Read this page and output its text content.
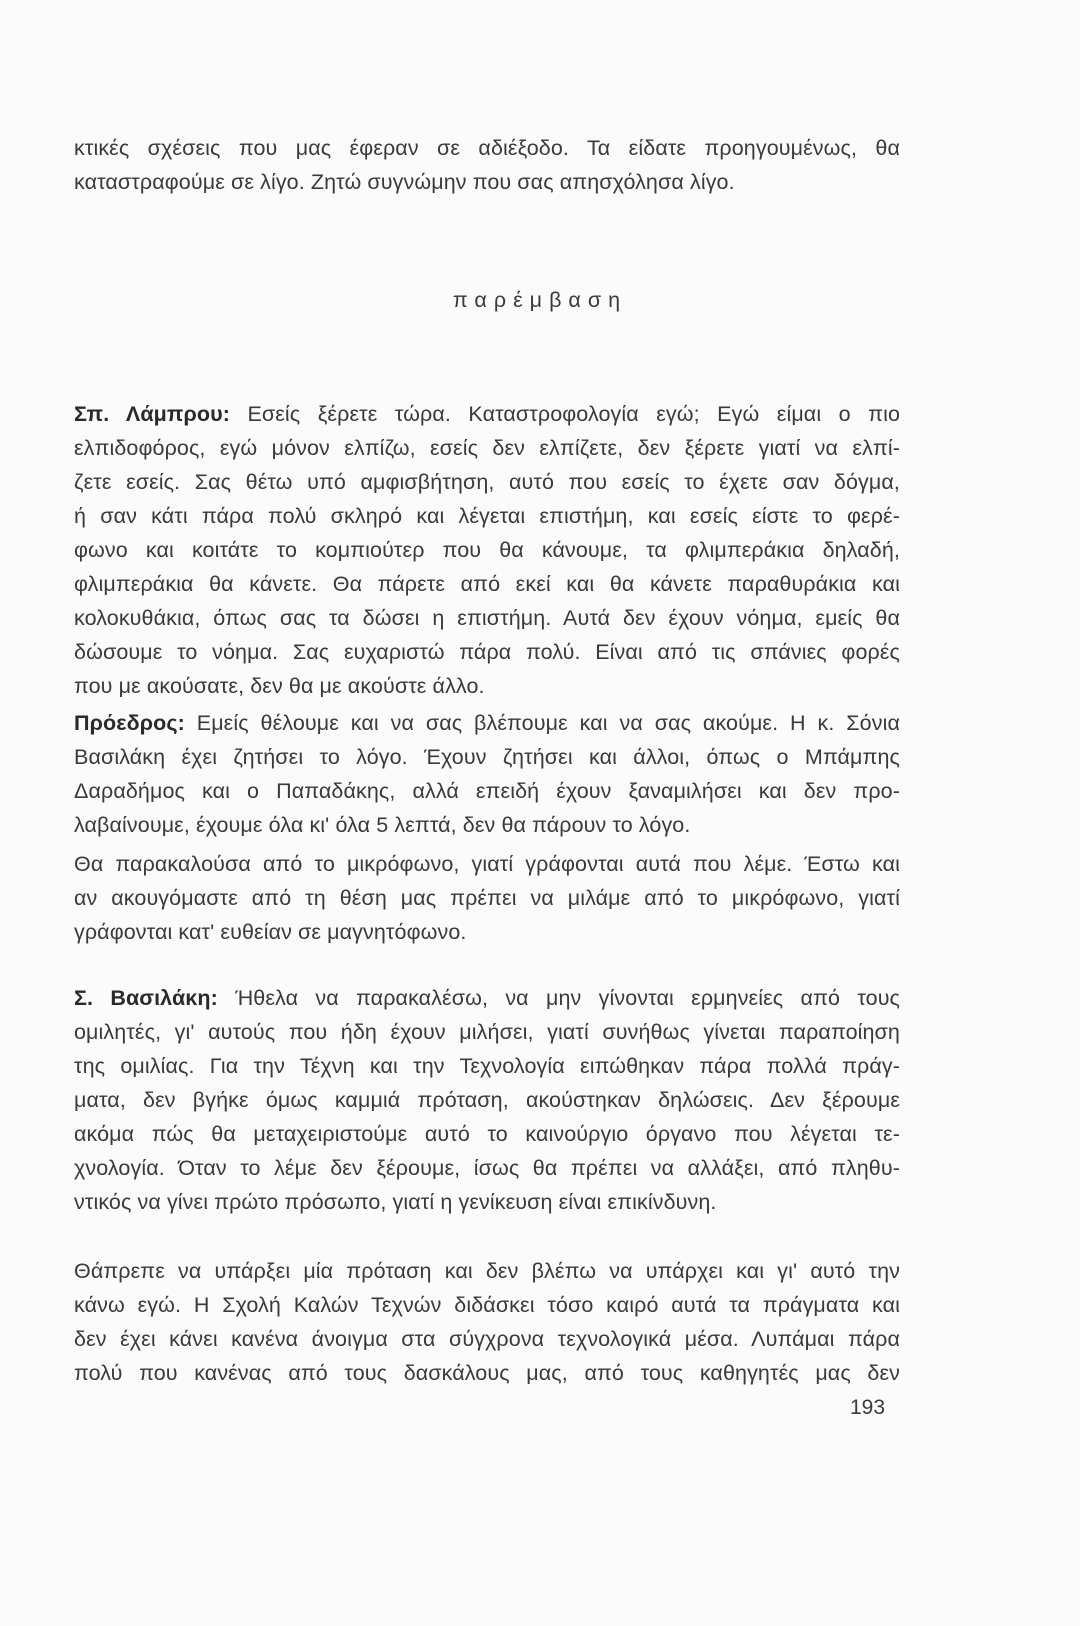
κτικές σχέσεις που μας έφεραν σε αδιέξοδο. Τα είδατε προηγουμένως, θα
καταστραφούμε σε λίγο. Ζητώ συγνώμην που σας απησχόλησα λίγο.
παρέμβαση
Σπ. Λάμπρου: Εσείς ξέρετε τώρα. Καταστροφολογία εγώ; Εγώ είμαι ο πιο
ελπιδοφόρος, εγώ μόνον ελπίζω, εσείς δεν ελπίζετε, δεν ξέρετε γιατί να ελπί-
ζετε εσείς. Σας θέτω υπό αμφισβήτηση, αυτό που εσείς το έχετε σαν δόγμα,
ή σαν κάτι πάρα πολύ σκληρό και λέγεται επιστήμη, και εσείς είστε το φερέ-
φωνο και κοιτάτε το κομπιούτερ που θα κάνουμε, τα φλιμπεράκια δηλαδή,
φλιμπεράκια θα κάνετε. Θα πάρετε από εκεί και θα κάνετε παραθυράκια και
κολοκυθάκια, όπως σας τα δώσει η επιστήμη. Αυτά δεν έχουν νόημα, εμείς θα
δώσουμε το νόημα. Σας ευχαριστώ πάρα πολύ. Είναι από τις σπάνιες φορές
που με ακούσατε, δεν θα με ακούστε άλλο.
Πρόεδρος: Εμείς θέλουμε και να σας βλέπουμε και να σας ακούμε. Η κ. Σόνια
Βασιλάκη έχει ζητήσει το λόγο. Έχουν ζητήσει και άλλοι, όπως ο Μπάμπης
Δαραδήμος και ο Παπαδάκης, αλλά επειδή έχουν ξαναμιλήσει και δεν προ-
λαβαίνουμε, έχουμε όλα κι' όλα 5 λεπτά, δεν θα πάρουν το λόγο.
Θα παρακαλούσα από το μικρόφωνο, γιατί γράφονται αυτά που λέμε. Έστω και
αν ακουγόμαστε από τη θέση μας πρέπει να μιλάμε από το μικρόφωνο, γιατί
γράφονται κατ' ευθείαν σε μαγνητόφωνο.
Σ. Βασιλάκη: Ήθελα να παρακαλέσω, να μην γίνονται ερμηνείες από τους
ομιλητές, γι' αυτούς που ήδη έχουν μιλήσει, γιατί συνήθως γίνεται παραποίηση
της ομιλίας. Για την Τέχνη και την Τεχνολογία ειπώθηκαν πάρα πολλά πράγ-
ματα, δεν βγήκε όμως καμμιά πρόταση, ακούστηκαν δηλώσεις. Δεν ξέρουμε
ακόμα πώς θα μεταχειριστούμε αυτό το καινούργιο όργανο που λέγεται τε-
χνολογία. Όταν το λέμε δεν ξέρουμε, ίσως θα πρέπει να αλλάξει, από πληθυ-
ντικός να γίνει πρώτο πρόσωπο, γιατί η γενίκευση είναι επικίνδυνη.
Θάπρεπε να υπάρξει μία πρόταση και δεν βλέπω να υπάρχει και γι' αυτό την
κάνω εγώ. Η Σχολή Καλών Τεχνών διδάσκει τόσο καιρό αυτά τα πράγματα και
δεν έχει κάνει κανένα άνοιγμα στα σύγχρονα τεχνολογικά μέσα. Λυπάμαι πάρα
πολύ που κανένας από τους δασκάλους μας, από τους καθηγητές μας δεν
193
